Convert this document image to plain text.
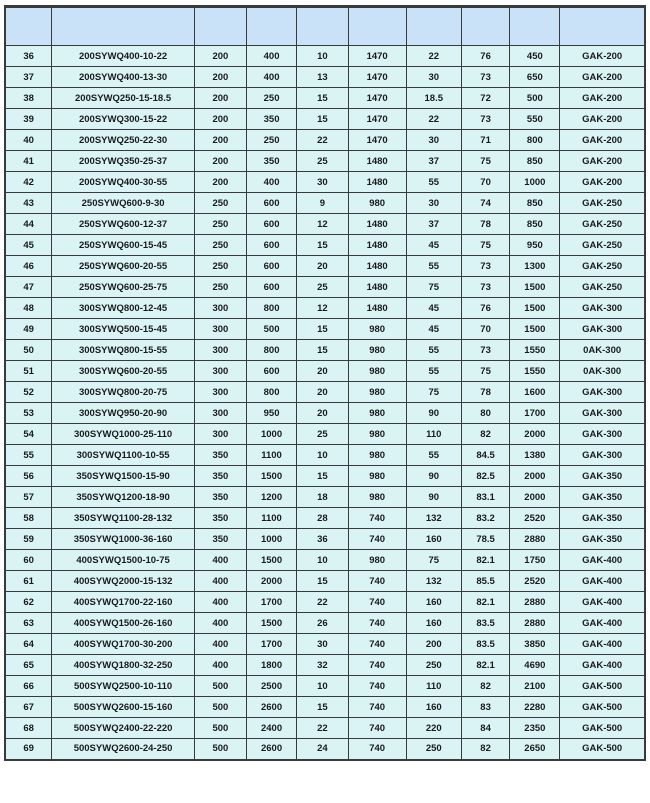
36	200SYWQ400-10-22	200	400	10	1470	22	76	450	GAK-200
37	200SYWQ400-13-30	200	400	13	1470	30	73	650	GAK-200
38	200SYWQ250-15-18.5	200	250	15	1470	18.5	72	500	GAK-200
39	200SYWQ300-15-22	200	350	15	1470	22	73	550	GAK-200
40	200SYWQ250-22-30	200	250	22	1470	30	71	800	GAK-200
41	200SYWQ350-25-37	200	350	25	1480	37	75	850	GAK-200
42	200SYWQ400-30-55	200	400	30	1480	55	70	1000	GAK-200
43	250SYWQ600-9-30	250	600	9	980	30	74	850	GAK-250
44	250SYWQ600-12-37	250	600	12	1480	37	78	850	GAK-250
45	250SYWQ600-15-45	250	600	15	1480	45	75	950	GAK-250
46	250SYWQ600-20-55	250	600	20	1480	55	73	1300	GAK-250
47	250SYWQ600-25-75	250	600	25	1480	75	73	1500	GAK-250
48	300SYWQ800-12-45	300	800	12	1480	45	76	1500	GAK-300
49	300SYWQ500-15-45	300	500	15	980	45	70	1500	GAK-300
50	300SYWQ800-15-55	300	800	15	980	55	73	1550	0AK-300
51	300SYWQ600-20-55	300	600	20	980	55	75	1550	0AK-300
52	300SYWQ800-20-75	300	800	20	980	75	78	1600	GAK-300
53	300SYWQ950-20-90	300	950	20	980	90	80	1700	GAK-300
54	300SYWQ1000-25-110	300	1000	25	980	110	82	2000	GAK-300
55	300SYWQ1100-10-55	350	1100	10	980	55	84.5	1380	GAK-300
56	350SYWQ1500-15-90	350	1500	15	980	90	82.5	2000	GAK-350
57	350SYWQ1200-18-90	350	1200	18	980	90	83.1	2000	GAK-350
58	350SYWQ1100-28-132	350	1100	28	740	132	83.2	2520	GAK-350
59	350SYWQ1000-36-160	350	1000	36	740	160	78.5	2880	GAK-350
60	400SYWQ1500-10-75	400	1500	10	980	75	82.1	1750	GAK-400
61	400SYWQ2000-15-132	400	2000	15	740	132	85.5	2520	GAK-400
62	400SYWQ1700-22-160	400	1700	22	740	160	82.1	2880	GAK-400
63	400SYWQ1500-26-160	400	1500	26	740	160	83.5	2880	GAK-400
64	400SYWQ1700-30-200	400	1700	30	740	200	83.5	3850	GAK-400
65	400SYWQ1800-32-250	400	1800	32	740	250	82.1	4690	GAK-400
66	500SYWQ2500-10-110	500	2500	10	740	110	82	2100	GAK-500
67	500SYWQ2600-15-160	500	2600	15	740	160	83	2280	GAK-500
68	500SYWQ2400-22-220	500	2400	22	740	220	84	2350	GAK-500
69	500SYWQ2600-24-250	500	2600	24	740	250	82	2650	GAK-500
